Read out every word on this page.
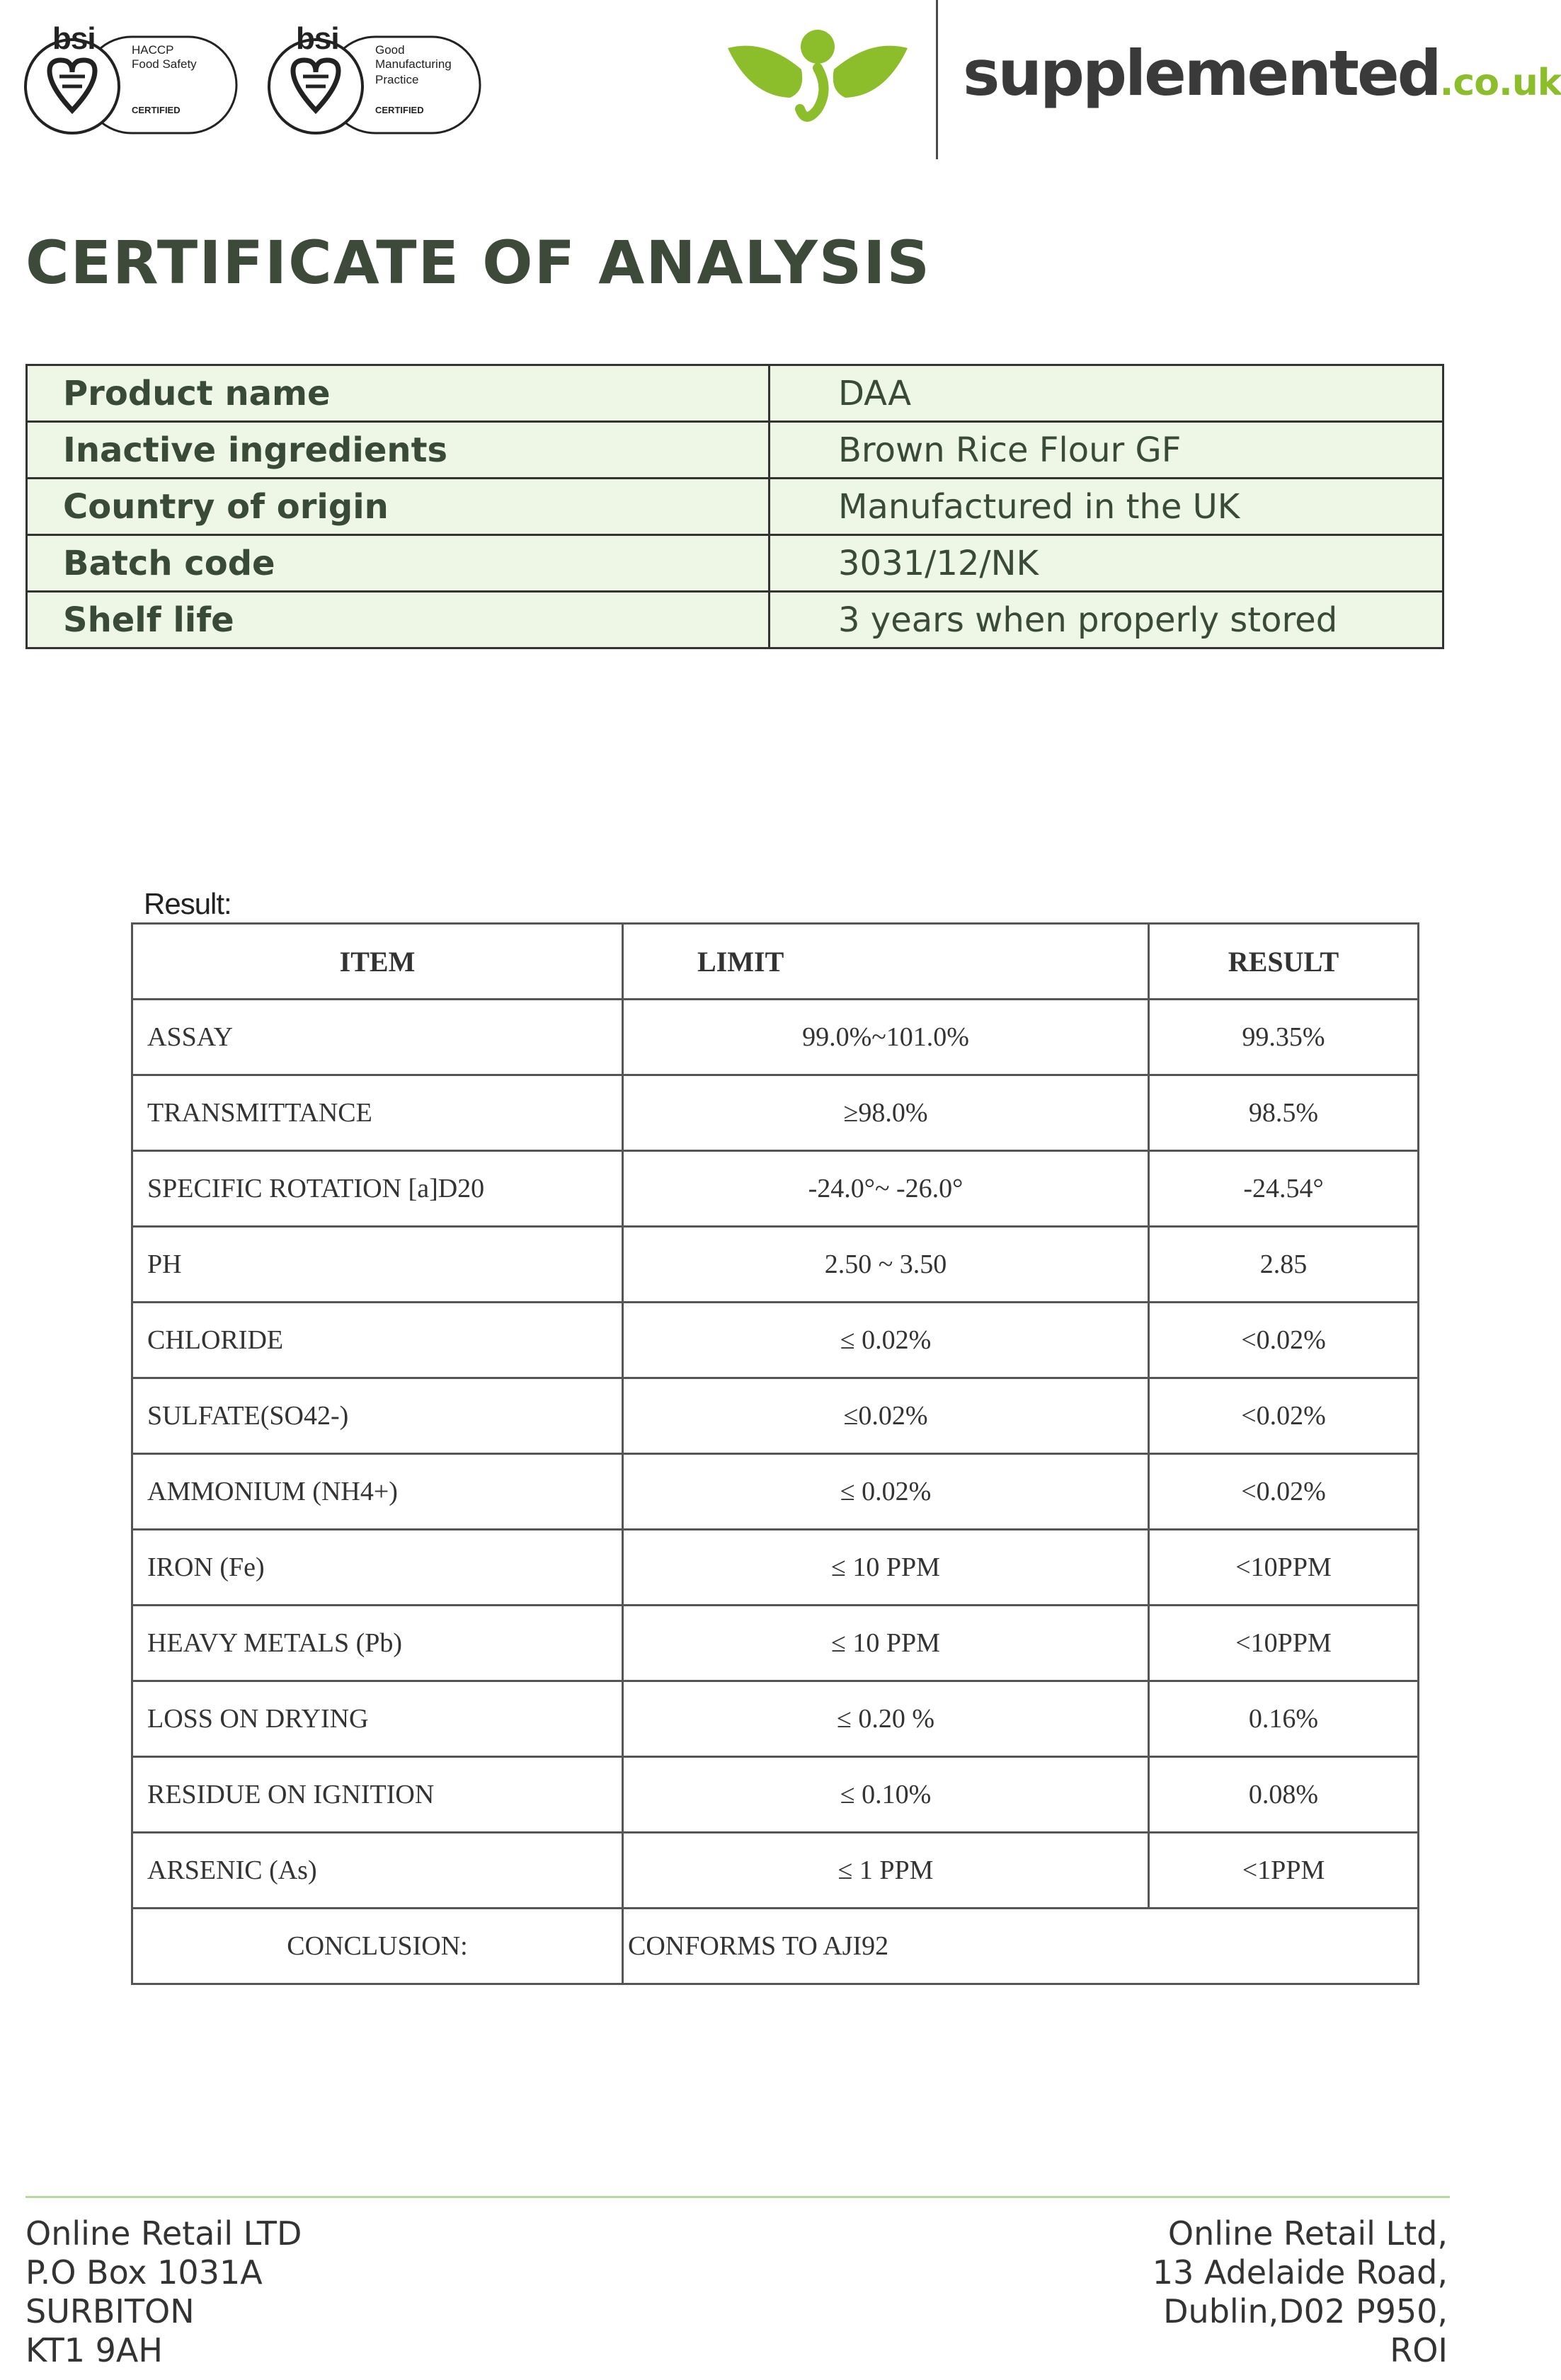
bsi	HACCP
Food Safety
CERTIFIED
bsi	Good
Manufacturing
Practice
CERTIFIED
supplemented.co.uk
CERTIFICATE OF ANALYSIS
Product name	DAA
Inactive ingredients	Brown Rice Flour GF
Country of origin	Manufactured in the UK
Batch code	3031/12/NK
Shelf life	3 years when properly stored
Result:
ITEM	LIMIT	RESULT
ASSAY	99.0%~101.0%	99.35%
TRANSMITTANCE	≥98.0%	98.5%
SPECIFIC ROTATION [a]D20	-24.0°~ -26.0°	-24.54°
PH	2.50 ~ 3.50	2.85
CHLORIDE	≤ 0.02%	<0.02%
SULFATE(SO42-)	≤0.02%	<0.02%
AMMONIUM (NH4+)	≤ 0.02%	<0.02%
IRON (Fe)	≤ 10 PPM	<10PPM
HEAVY METALS (Pb)	≤ 10 PPM	<10PPM
LOSS ON DRYING	≤ 0.20 %	0.16%
RESIDUE ON IGNITION	≤ 0.10%	0.08%
ARSENIC (As)	≤ 1 PPM	<1PPM
CONCLUSION:	CONFORMS TO AJI92	
Online Retail LTD
P.O Box 1031A
SURBITON
KT1 9AH
Online Retail Ltd,
13 Adelaide Road,
Dublin,D02 P950,
ROI
